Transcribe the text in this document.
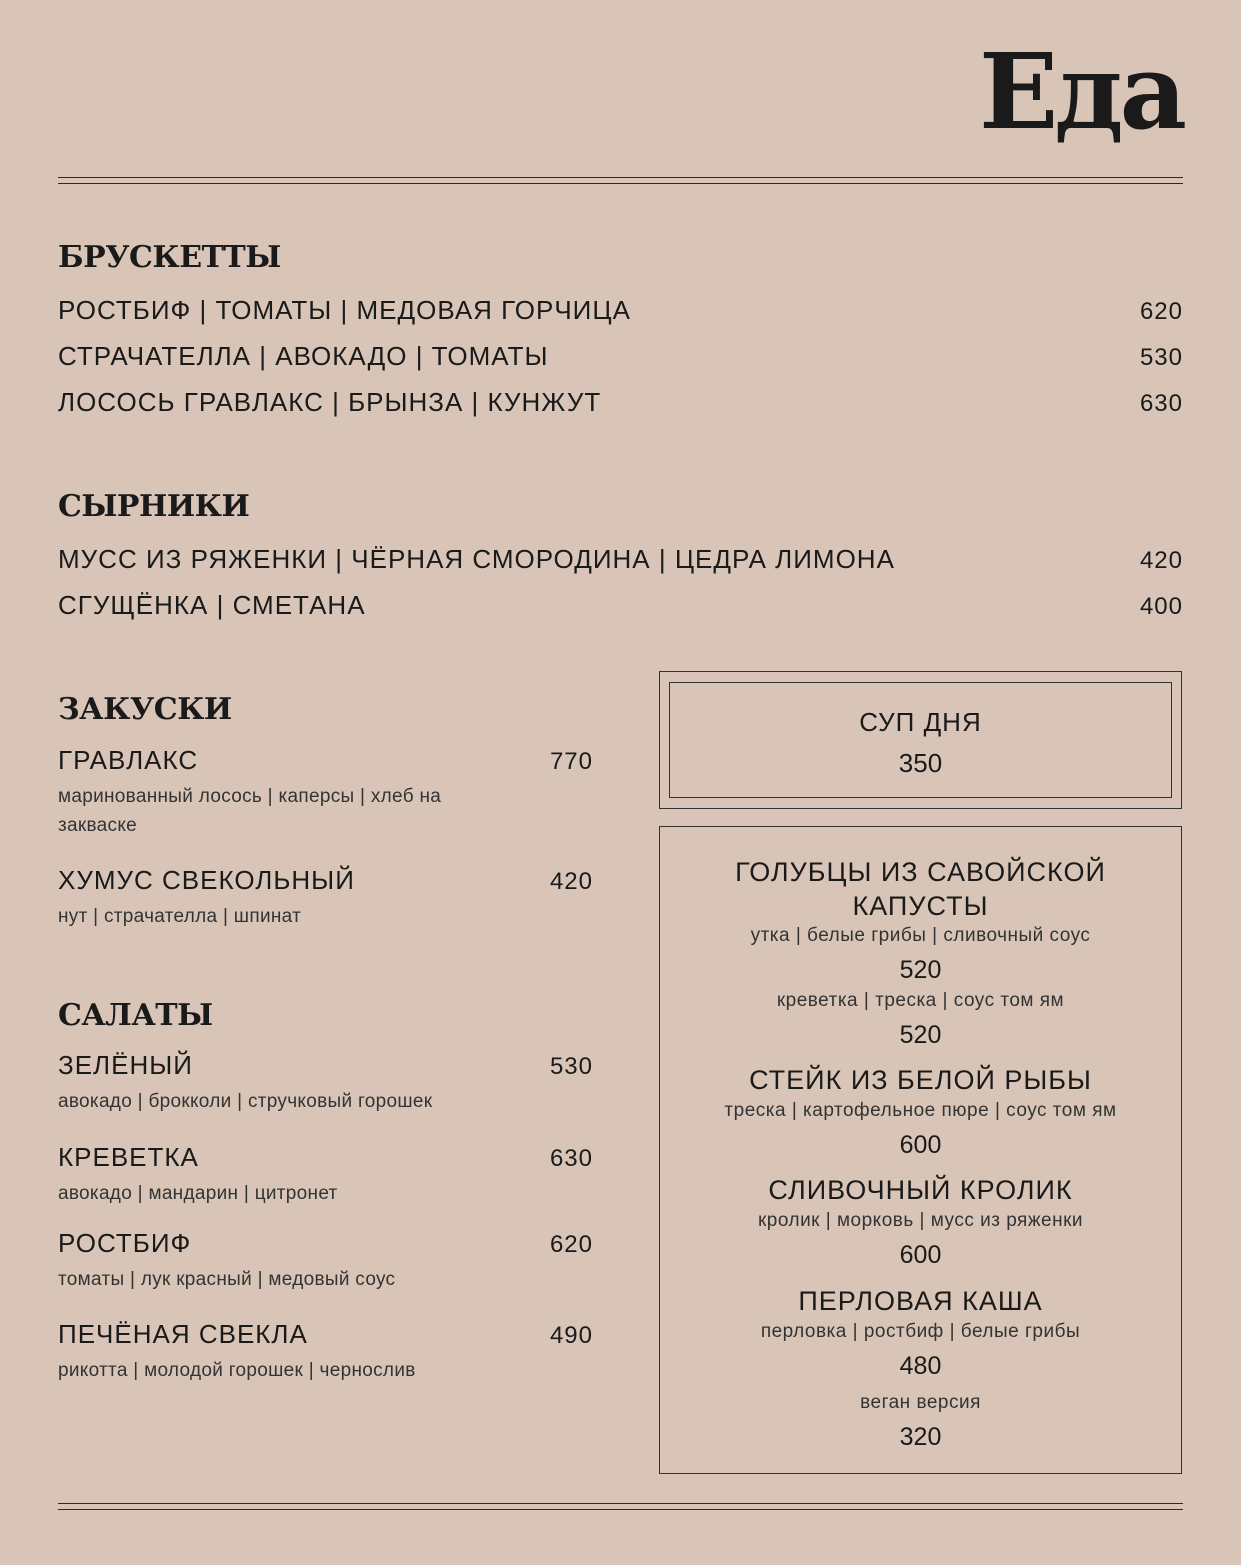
Еда
БРУСКЕТТЫ
РОСТБИФ | ТОМАТЫ | МЕДОВАЯ ГОРЧИЦА	620
СТРАЧАТЕЛЛА | АВОКАДО | ТОМАТЫ	530
ЛОСОСЬ ГРАВЛАКС | БРЫНЗА | КУНЖУТ	630
СЫРНИКИ
МУСС ИЗ РЯЖЕНКИ | ЧЁРНАЯ СМОРОДИНА | ЦЕДРА ЛИМОНА	420
СГУЩЁНКА | СМЕТАНА	400
ЗАКУСКИ
ГРАВЛАКС	770
маринованный лосось | каперсы | хлеб на закваске
ХУМУС СВЕКОЛЬНЫЙ	420
нут | страчателла | шпинат
САЛАТЫ
ЗЕЛЁНЫЙ	530
авокадо | брокколи | стручковый горошек
КРЕВЕТКА	630
авокадо | мандарин | цитронет
РОСТБИФ	620
томаты | лук красный | медовый соус
ПЕЧЁНАЯ СВЕКЛА	490
рикотта | молодой горошек | чернослив
СУП ДНЯ
350
ГОЛУБЦЫ ИЗ САВОЙСКОЙ КАПУСТЫ
утка | белые грибы | сливочный соус
520
креветка | треска | соус том ям
520
СТЕЙК ИЗ БЕЛОЙ РЫБЫ
треска | картофельное пюре | соус том ям
600
СЛИВОЧНЫЙ КРОЛИК
кролик | морковь | мусс из ряженки
600
ПЕРЛОВАЯ КАША
перловка | ростбиф | белые грибы
480
веган версия
320
